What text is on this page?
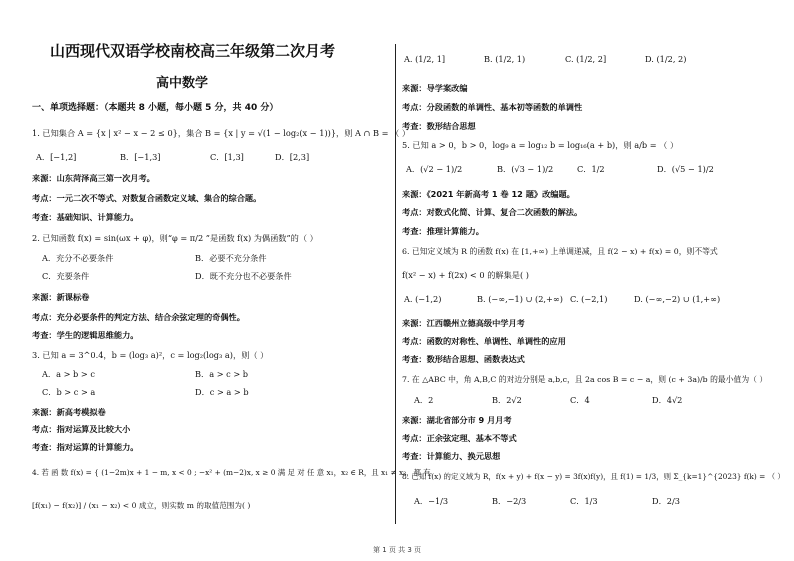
山西现代双语学校南校高三年级第二次月考
高中数学
一、单项选择题：（本题共 8 小题，每小题 5 分，共 40 分）
1. 已知集合 A = {x | x² − x − 2 ≤ 0}，集合 B = {x | y = √(1 − log₂(x − 1))}，则 A ∩ B = （ ）
A．[−1,2]	B．[−1,3]	C．[1,3]	D．[2,3]
来源：山东菏泽高三第一次月考。
考点：一元二次不等式、对数复合函数定义域、集合的综合题。
考查：基础知识、计算能力。
2. 已知函数 f(x) = sin(ωx + φ)，则“φ = π/2 ”是函数 f(x) 为偶函数”的（ ）
A．充分不必要条件	B．必要不充分条件
C．充要条件	D．既不充分也不必要条件
来源：新课标卷
考点：充分必要条件的判定方法、结合余弦定理的奇偶性。
考查：学生的逻辑思维能力。
3. 已知 a = 3^0.4，b = (log₃ a)²，c = log₂(log₃ a)，则（ ）
A．a > b > c	B．a > c > b
C．b > c > a	D．c > a > b
来源：新高考模拟卷
考点：指对运算及比较大小
考查：指对运算的计算能力。
4. 若 函 数 f(x) = { (1−2m)x + 1 − m, x < 0 ; −x² + (m−2)x, x ≥ 0 满 足 对 任 意 x₁，x₂ ∈ R，且 x₁ ≠ x₂，都 有
[f(x₁) − f(x₂)] / (x₁ − x₂) < 0 成立，则实数 m 的取值范围为( )
A. (1/2, 1]	B. (1/2, 1)	C. (1/2, 2]	D. (1/2, 2)
来源：导学案改编
考点：分段函数的单调性、基本初等函数的单调性
考查：数形结合思想
5. 已知 a > 0，b > 0，log₉ a = log₁₂ b = log₁₆(a + b)，则 a/b = （ ）
A．(√2 − 1)/2	B．(√3 − 1)/2	C．1/2	D．(√5 − 1)/2
来源：《2021 年新高考 1 卷 12 题》改编题。
考点：对数式化简、计算、复合二次函数的解法。
考查：推理计算能力。
6. 已知定义域为 R 的函数 f(x) 在 [1,+∞) 上单调递减，且 f(2 − x) + f(x) = 0，则不等式
f(x² − x) + f(2x) < 0 的解集是( )
A. (−1,2)	B. (−∞,−1) ∪ (2,+∞) C. (−2,1)	D. (−∞,−2) ∪ (1,+∞)
来源：江西赣州立德高级中学月考
考点：函数的对称性、单调性、单调性的应用
考查：数形结合思想、函数表达式
7. 在 △ABC 中，角 A,B,C 的对边分别是 a,b,c，且 2a cos B = c − a，则 (c + 3a)/b 的最小值为（ ）
A．2	B．2√2	C．4	D．4√2
来源：湖北省部分市 9 月月考
考点：正余弦定理、基本不等式
考查：计算能力、换元思想
8. 已知 f(x) 的定义域为 R，f(x + y) + f(x − y) = 3f(x)f(y)，且 f(1) = 1/3，则 Σ_{k=1}^{2023} f(k) = （ ）
A．−1/3	B．−2/3	C．1/3	D．2/3
第 1 页 共 3 页
